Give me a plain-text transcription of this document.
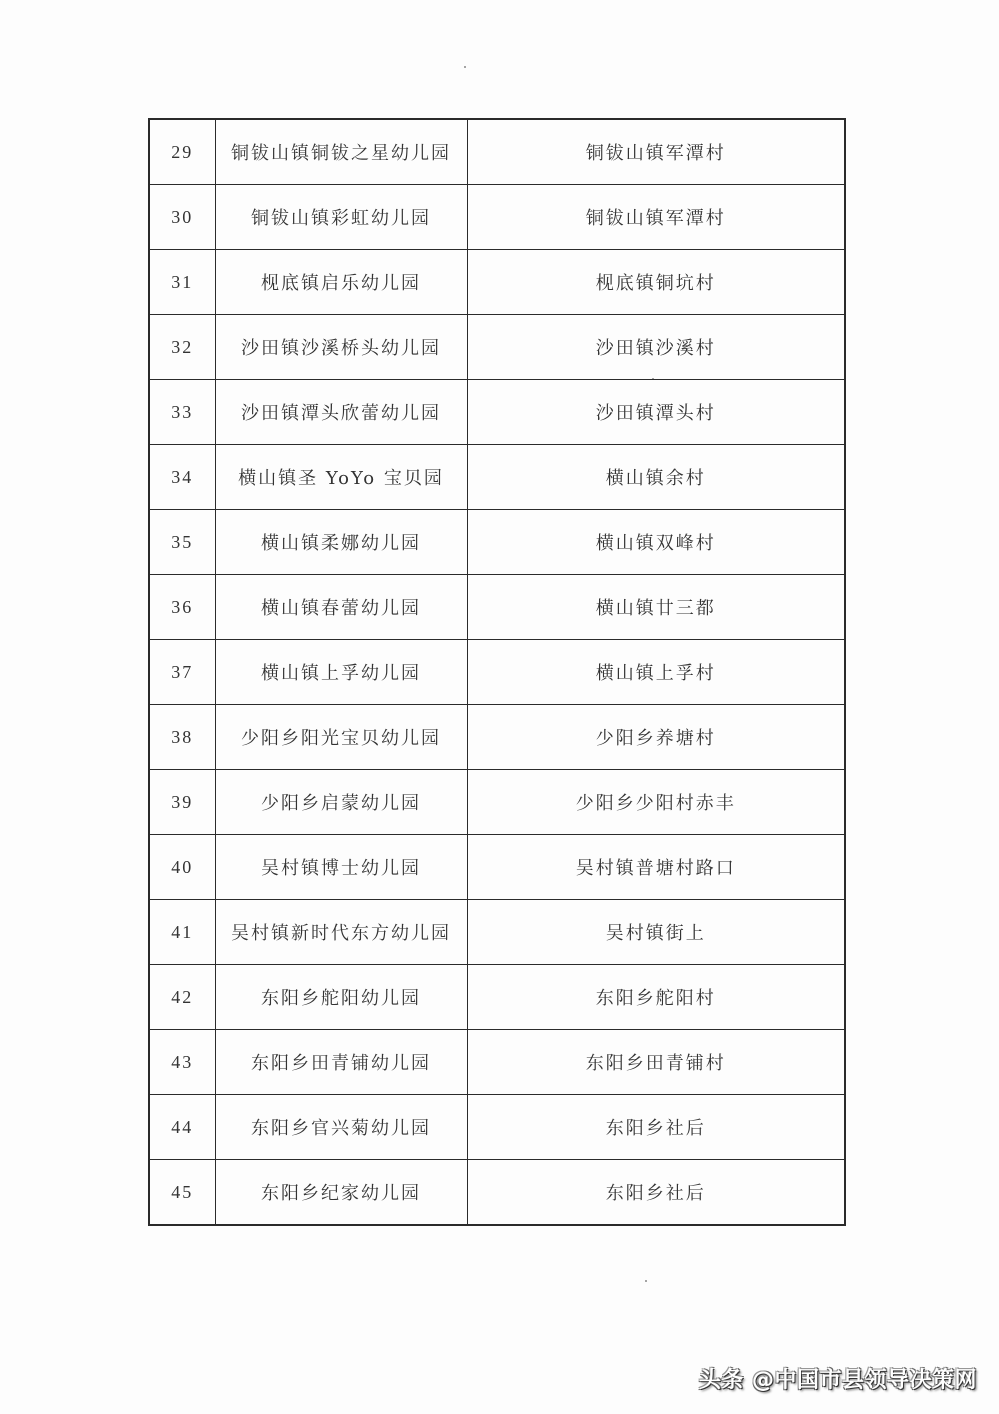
29	铜钹山镇铜钹之星幼儿园	铜钹山镇军潭村
30	铜钹山镇彩虹幼儿园	铜钹山镇军潭村
31	枧底镇启乐幼儿园	枧底镇铜坑村
32	沙田镇沙溪桥头幼儿园	沙田镇沙溪村
33	沙田镇潭头欣蕾幼儿园	沙田镇潭头村
34	横山镇圣 YoYo 宝贝园	横山镇余村
35	横山镇柔娜幼儿园	横山镇双峰村
36	横山镇春蕾幼儿园	横山镇廿三都
37	横山镇上孚幼儿园	横山镇上孚村
38	少阳乡阳光宝贝幼儿园	少阳乡养塘村
39	少阳乡启蒙幼儿园	少阳乡少阳村赤丰
40	吴村镇博士幼儿园	吴村镇普塘村路口
41	吴村镇新时代东方幼儿园	吴村镇街上
42	东阳乡舵阳幼儿园	东阳乡舵阳村
43	东阳乡田青铺幼儿园	东阳乡田青铺村
44	东阳乡官兴菊幼儿园	东阳乡社后
45	东阳乡纪家幼儿园	东阳乡社后
头条 @中国市县领导决策网
